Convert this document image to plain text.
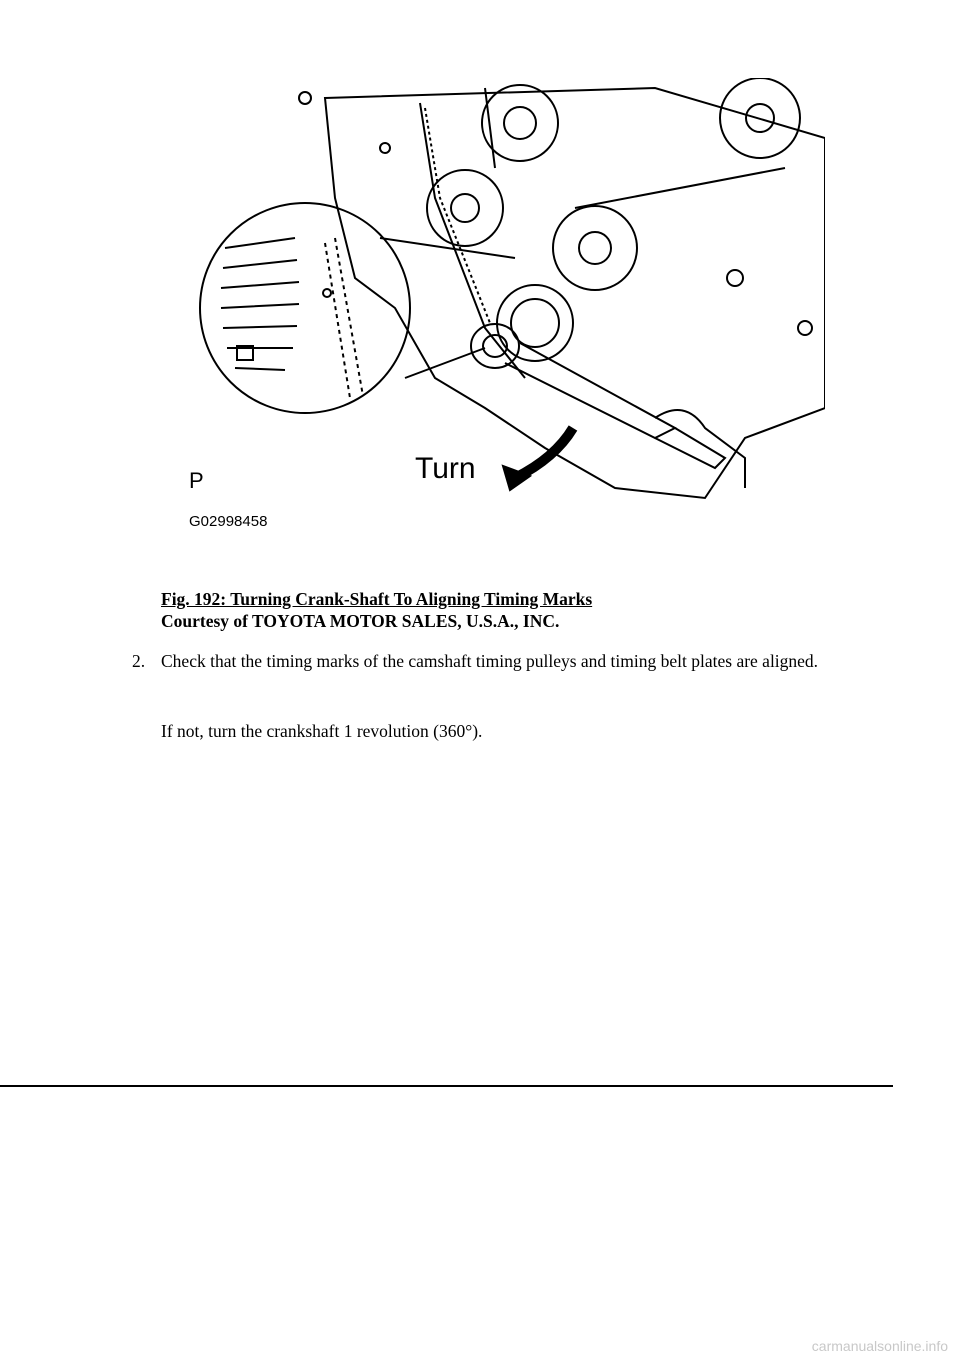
Turn
P
G02998458
Fig. 192: Turning Crank-Shaft To Aligning Timing Marks
Courtesy of TOYOTA MOTOR SALES, U.S.A., INC.
2. Check that the timing marks of the camshaft timing pulleys and timing belt plates are aligned.
If not, turn the crankshaft 1 revolution (360°).
carmanualsonline.info
